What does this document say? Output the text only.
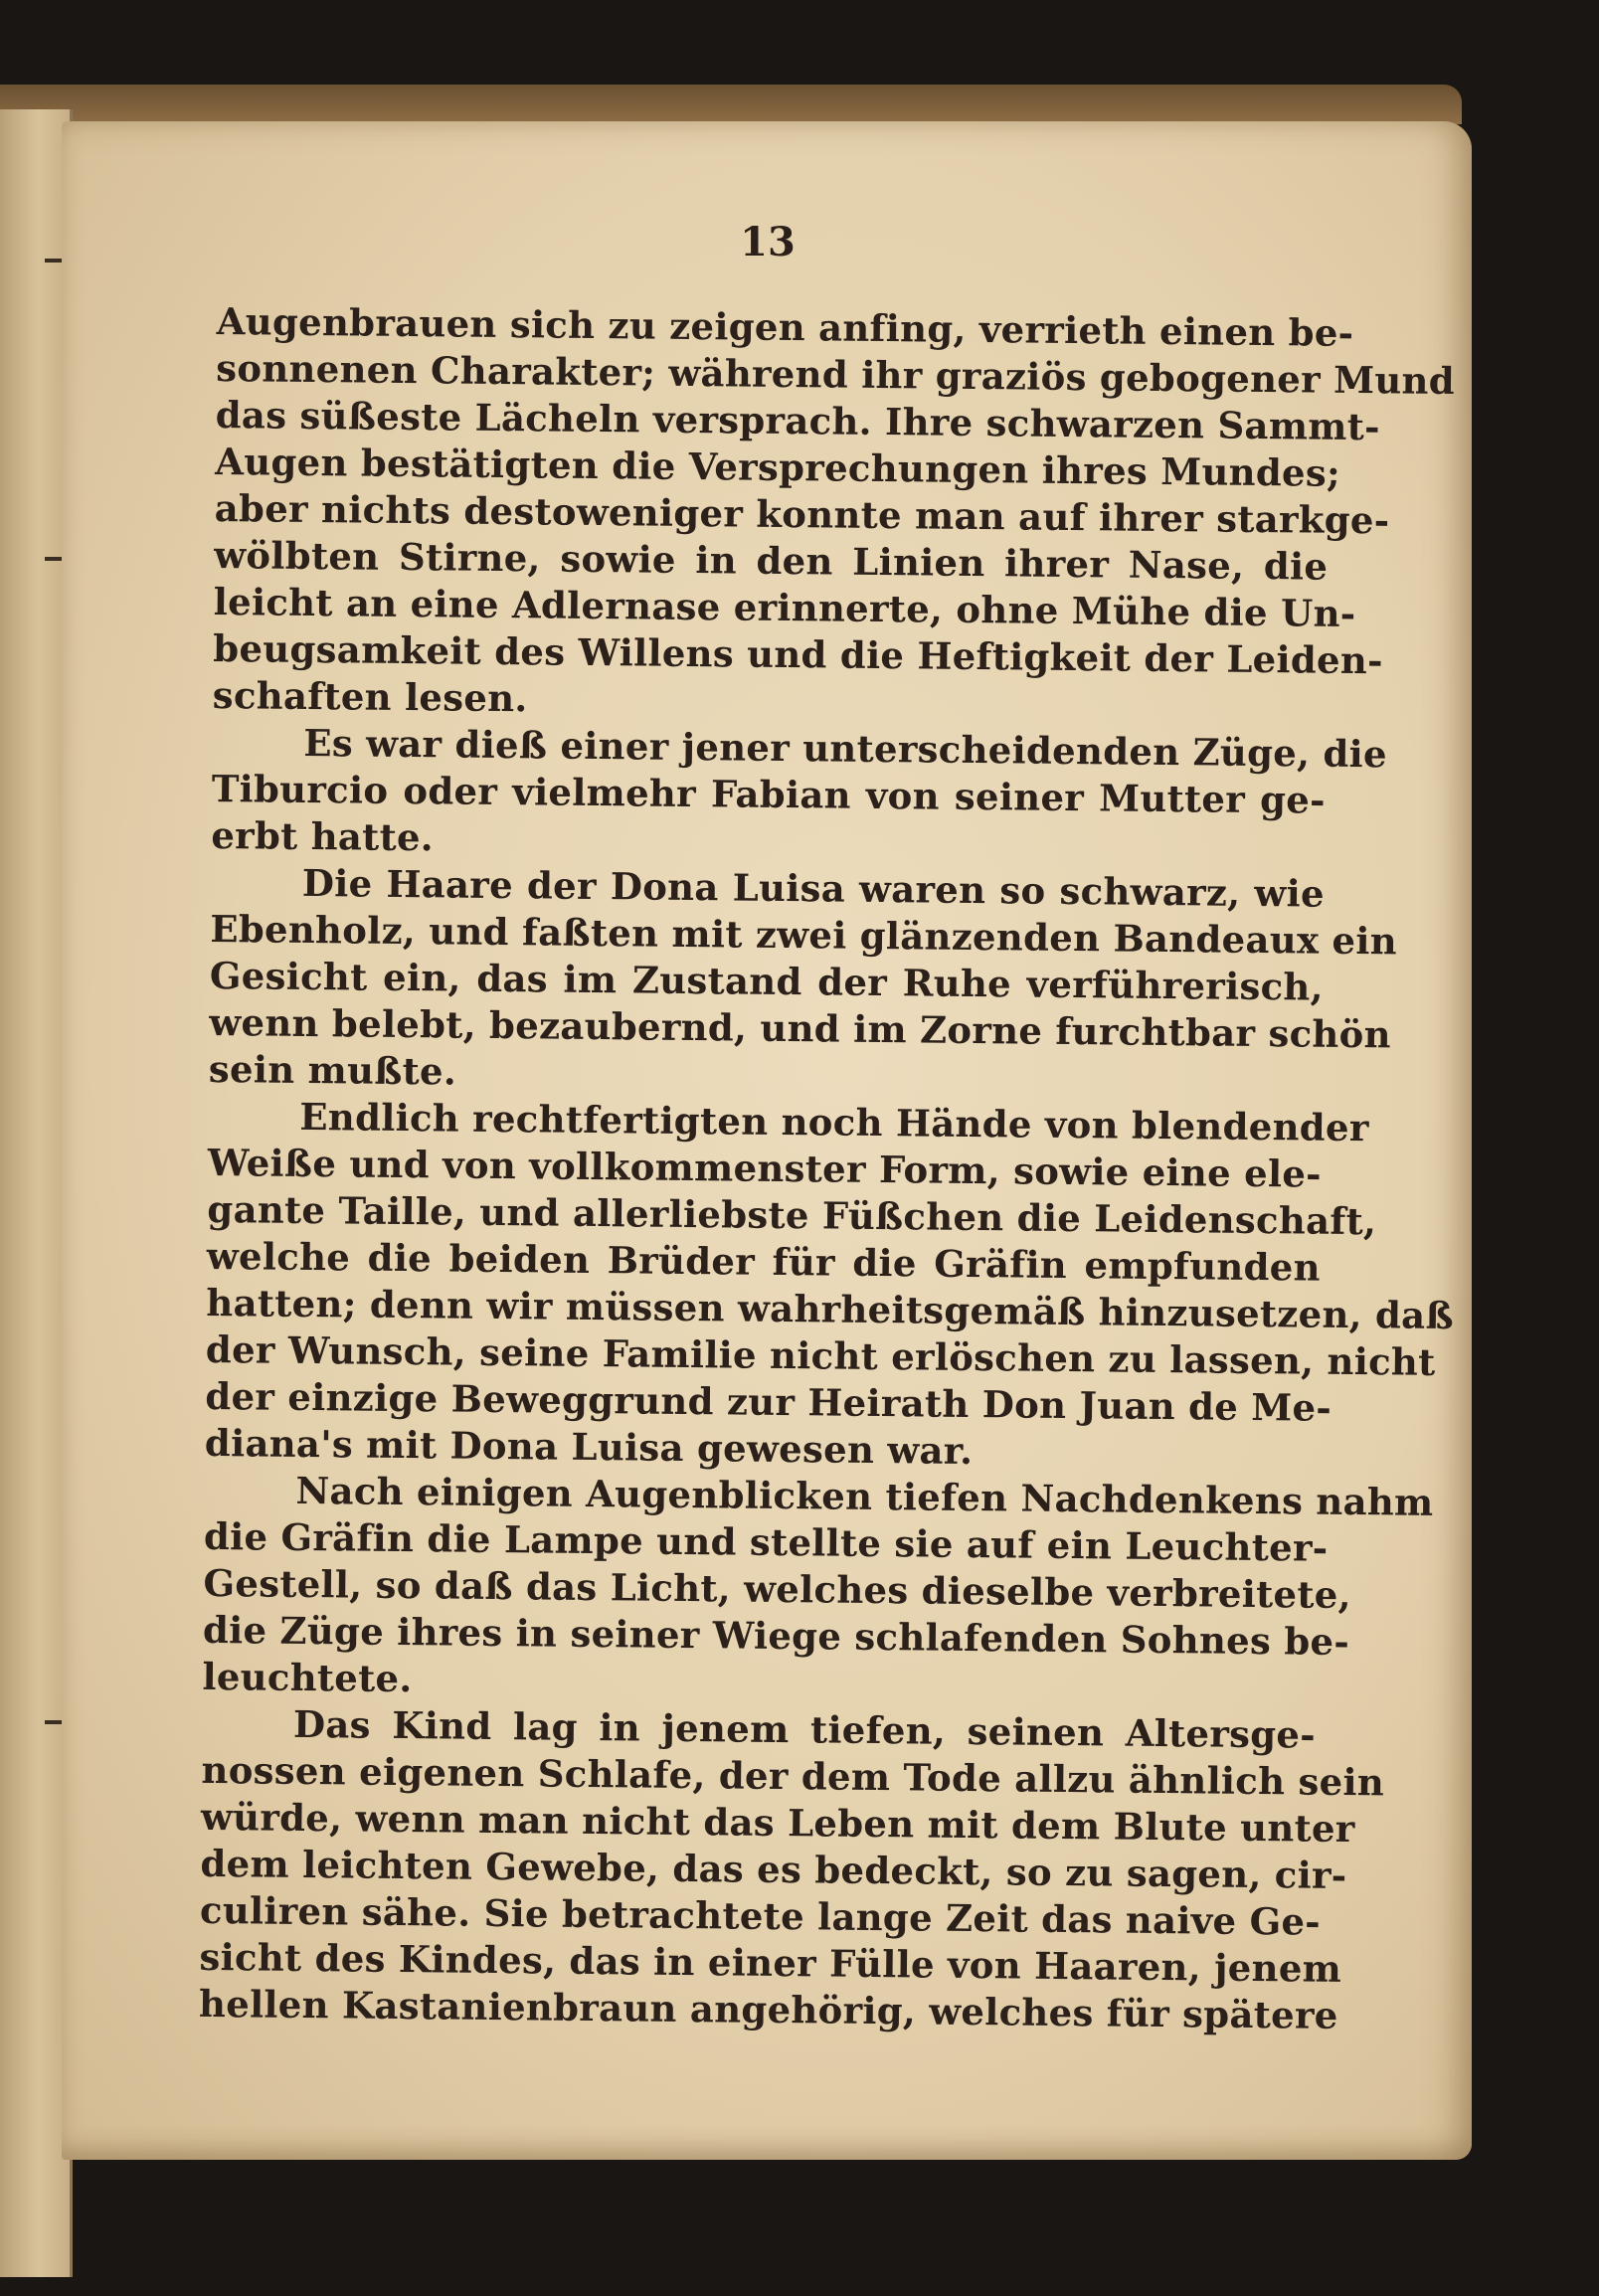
13
Augenbrauen sich zu zeigen anfing, verrieth einen be-
sonnenen Charakter; während ihr graziös gebogener Mund
das süßeste Lächeln versprach. Ihre schwarzen Sammt-
Augen bestätigten die Versprechungen ihres Mundes;
aber nichts destoweniger konnte man auf ihrer starkge-
wölbten Stirne, sowie in den Linien ihrer Nase, die
leicht an eine Adlernase erinnerte, ohne Mühe die Un-
beugsamkeit des Willens und die Heftigkeit der Leiden-
schaften lesen.
Es war dieß einer jener unterscheidenden Züge, die
Tiburcio oder vielmehr Fabian von seiner Mutter ge-
erbt hatte.
Die Haare der Dona Luisa waren so schwarz, wie
Ebenholz, und faßten mit zwei glänzenden Bandeaux ein
Gesicht ein, das im Zustand der Ruhe verführerisch,
wenn belebt, bezaubernd, und im Zorne furchtbar schön
sein mußte.
Endlich rechtfertigten noch Hände von blendender
Weiße und von vollkommenster Form, sowie eine ele-
gante Taille, und allerliebste Füßchen die Leidenschaft,
welche die beiden Brüder für die Gräfin empfunden
hatten; denn wir müssen wahrheitsgemäß hinzusetzen, daß
der Wunsch, seine Familie nicht erlöschen zu lassen, nicht
der einzige Beweggrund zur Heirath Don Juan de Me-
diana's mit Dona Luisa gewesen war.
Nach einigen Augenblicken tiefen Nachdenkens nahm
die Gräfin die Lampe und stellte sie auf ein Leuchter-
Gestell, so daß das Licht, welches dieselbe verbreitete,
die Züge ihres in seiner Wiege schlafenden Sohnes be-
leuchtete.
Das Kind lag in jenem tiefen, seinen Altersge-
nossen eigenen Schlafe, der dem Tode allzu ähnlich sein
würde, wenn man nicht das Leben mit dem Blute unter
dem leichten Gewebe, das es bedeckt, so zu sagen, cir-
culiren sähe. Sie betrachtete lange Zeit das naive Ge-
sicht des Kindes, das in einer Fülle von Haaren, jenem
hellen Kastanienbraun angehörig, welches für spätere
